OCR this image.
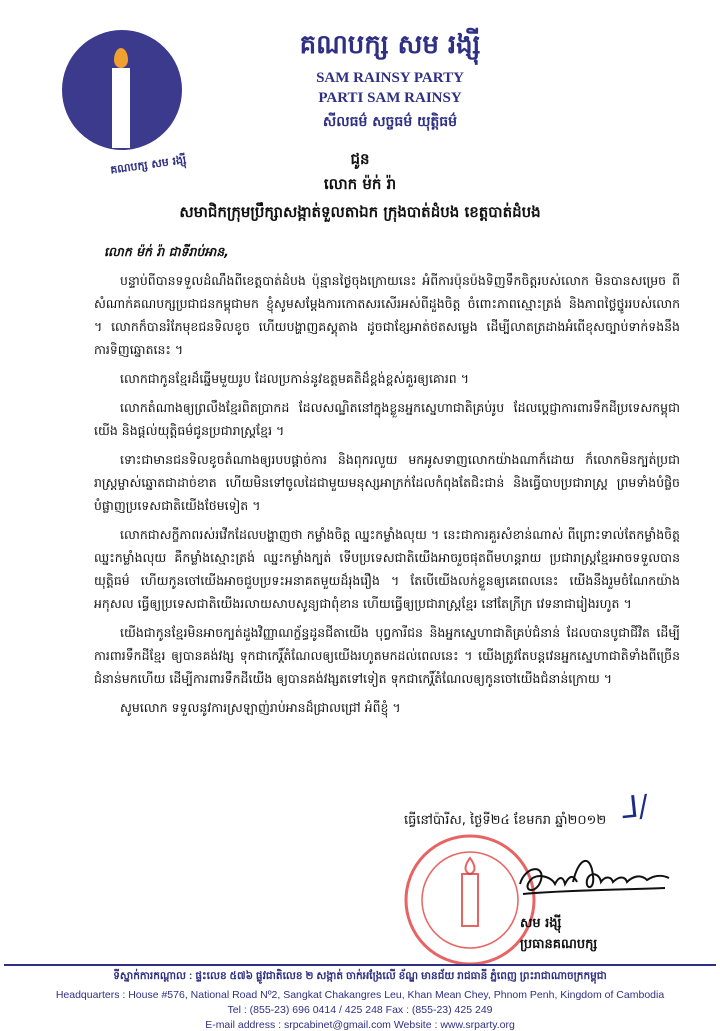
គណបក្ស សម រង្ស៊ី
គណបក្ស សម រង្ស៊ី
SAM RAINSY PARTY
PARTI SAM RAINSY
សីលធម៌ សច្ចធម៌ យុត្តិធម៌
ជូន
លោក ម៉ក់ រ៉ា
សមាជិកក្រុមប្រឹក្សាសង្កាត់ទួលតាឯក ក្រុងបាត់ដំបង ខេត្តបាត់ដំបង

លោក ម៉ក់ រ៉ា ជាទីរាប់អាន,

បន្ទាប់ពីបានទទួលដំណឹងពីខេត្តបាត់ដំបង ប៉ុន្មានថ្ងៃចុងក្រោយនេះ អំពីការប៉ុនប៉ងទិញទឹកចិត្តរបស់លោក មិនបានសម្រេច ពីសំណាក់គណបក្សប្រជាជនកម្ពុជាមក ខ្ញុំសូមសម្តែងការកោតសរសើរអស់ពីដួងចិត្ត ចំពោះភាពស្មោះត្រង់ និងភាពថ្លៃថ្នូររបស់លោក ។ លោកក៏បានរំភែមុខជនទិលខូច ហើយបង្ហាញគស្គុតាង ដូចជាខ្សែអាត់ថតសម្លេង ដើម្បីលាតត្រដាងអំពើខុសច្បាប់ទាក់ទងនឹងការទិញឆ្នោតនេះ ។

លោកជាកូនខ្មែរដ៏ឆ្នើមមួយរូប ដែលប្រកាន់នូវឧត្តមគតិដ៏ខ្ពង់ខ្ពស់គួរឲ្យគោរព ។

លោកតំណាងឲ្យព្រលឹងខ្មែរពិតប្រាកដ ដែលសណ្ឋិតនៅក្នុងខ្លួនអ្នកស្នេហាជាតិគ្រប់រូប ដែលប្តេជ្ញាការពារទឹកដីប្រទេសកម្ពុជាយើង និងផ្តល់យុត្តិធម៌ជូនប្រជារាស្ត្រខ្មែរ ។

ទោះជាមានជនទិលខូចតំណាងឲ្យរបបផ្តាច់ការ និងពុករលួយ មកអូសទាញលោកយ៉ាងណាក៏ដោយ ក៏លោកមិនក្បត់ប្រជារាស្ត្រម្ចាស់ឆ្នោតជាដាច់ខាត ហើយមិនទៅចូលដៃជាមួយមនុស្សអាក្រក់ដែលកំពុងតែជិះជាន់ និងធ្វើបាបប្រជារាស្ត្រ ព្រមទាំងបំផ្លិចបំផ្លាញប្រទេសជាតិយើងថែមទៀត ។

លោកជាសក្ខីភាពរស់រវើកដែលបង្ហាញថា កម្លាំងចិត្ត ឈ្នះកម្លាំងលុយ ។ នេះជាការគួរសំខាន់ណាស់ ពីព្រោះទាល់តែកម្លាំងចិត្តឈ្នះកម្លាំងលុយ គឺកម្លាំងស្មោះត្រង់ ឈ្នះកម្លាំងក្បត់ ទើបប្រទេសជាតិយើងអាចរួចផុតពីមហន្តរាយ ប្រជារាស្ត្រខ្មែរអាចទទួលបានយុត្តិធម៌ ហើយកូនចៅយើងអាចជួបប្រទះអនាគតមួយដ៏រុងរឿង ។ តែបើយើងលក់ខ្លួនឲ្យគេពេលនេះ យើងនឹងរួមចំណែកយ៉ាងអកុសល ធ្វើឲ្យប្រទេសជាតិយើងរលាយសាបសូន្យជាពុំខាន ហើយធ្វើឲ្យប្រជារាស្ត្រខ្មែរ នៅតែក្រីក្រ វេទនាជារៀងរហូត ។

យើងជាកូនខ្មែរមិនអាចក្បត់ដួងវិញ្ញាណក្ខ័ន្ធដូនជីតាយើង បុព្វការីជន និងអ្នកស្នេហាជាតិគ្រប់ជំនាន់ ដែលបានបូជាជីវិត ដើម្បីការពារទឹកដីខ្មែរ ឲ្យបានគង់វង្ស ទុកជាកេរ្តិ៍តំណែលឲ្យយើងរហូតមកដល់ពេលនេះ ។ យើងត្រូវតែបន្តវេនអ្នកស្នេហាជាតិទាំងពីច្រើនជំនាន់មកហើយ ដើម្បីការពារទឹកដីយើង ឲ្យបានគង់វង្សតទៅទៀត ទុកជាកេរ្តិ៍តំណែលឲ្យកូនចៅយើងជំនាន់ក្រោយ ។

សូមលោក ទទួលនូវការស្រឡាញ់រាប់អានដ៏ជ្រាលជ្រៅ អំពីខ្ញុំ ។

ធ្វើនៅប៉ារីស, ថ្ងៃទី២៤ ខែមករា ឆ្នាំ២០១២ ᒧ/
សម រង្ស៊ី
ប្រធានគណបក្ស
ទីស្នាក់ការកណ្តាល : ផ្ទះលេខ ៥៧៦ ផ្លូវជាតិលេខ ២ សង្កាត់ ចាក់អង្រែលើ ខ័ណ្ឌ មានជ័យ រាជធានី ភ្នំពេញ ព្រះរាជាណាចក្រកម្ពុជា
Headquarters : House #576, National Road Nº2, Sangkat Chakangres Leu, Khan Mean Chey, Phnom Penh, Kingdom of Cambodia
Tel : (855-23) 696 0414 / 425 248 Fax : (855-23) 425 249
E-mail address : srpcabinet@gmail.com Website : www.srparty.org
